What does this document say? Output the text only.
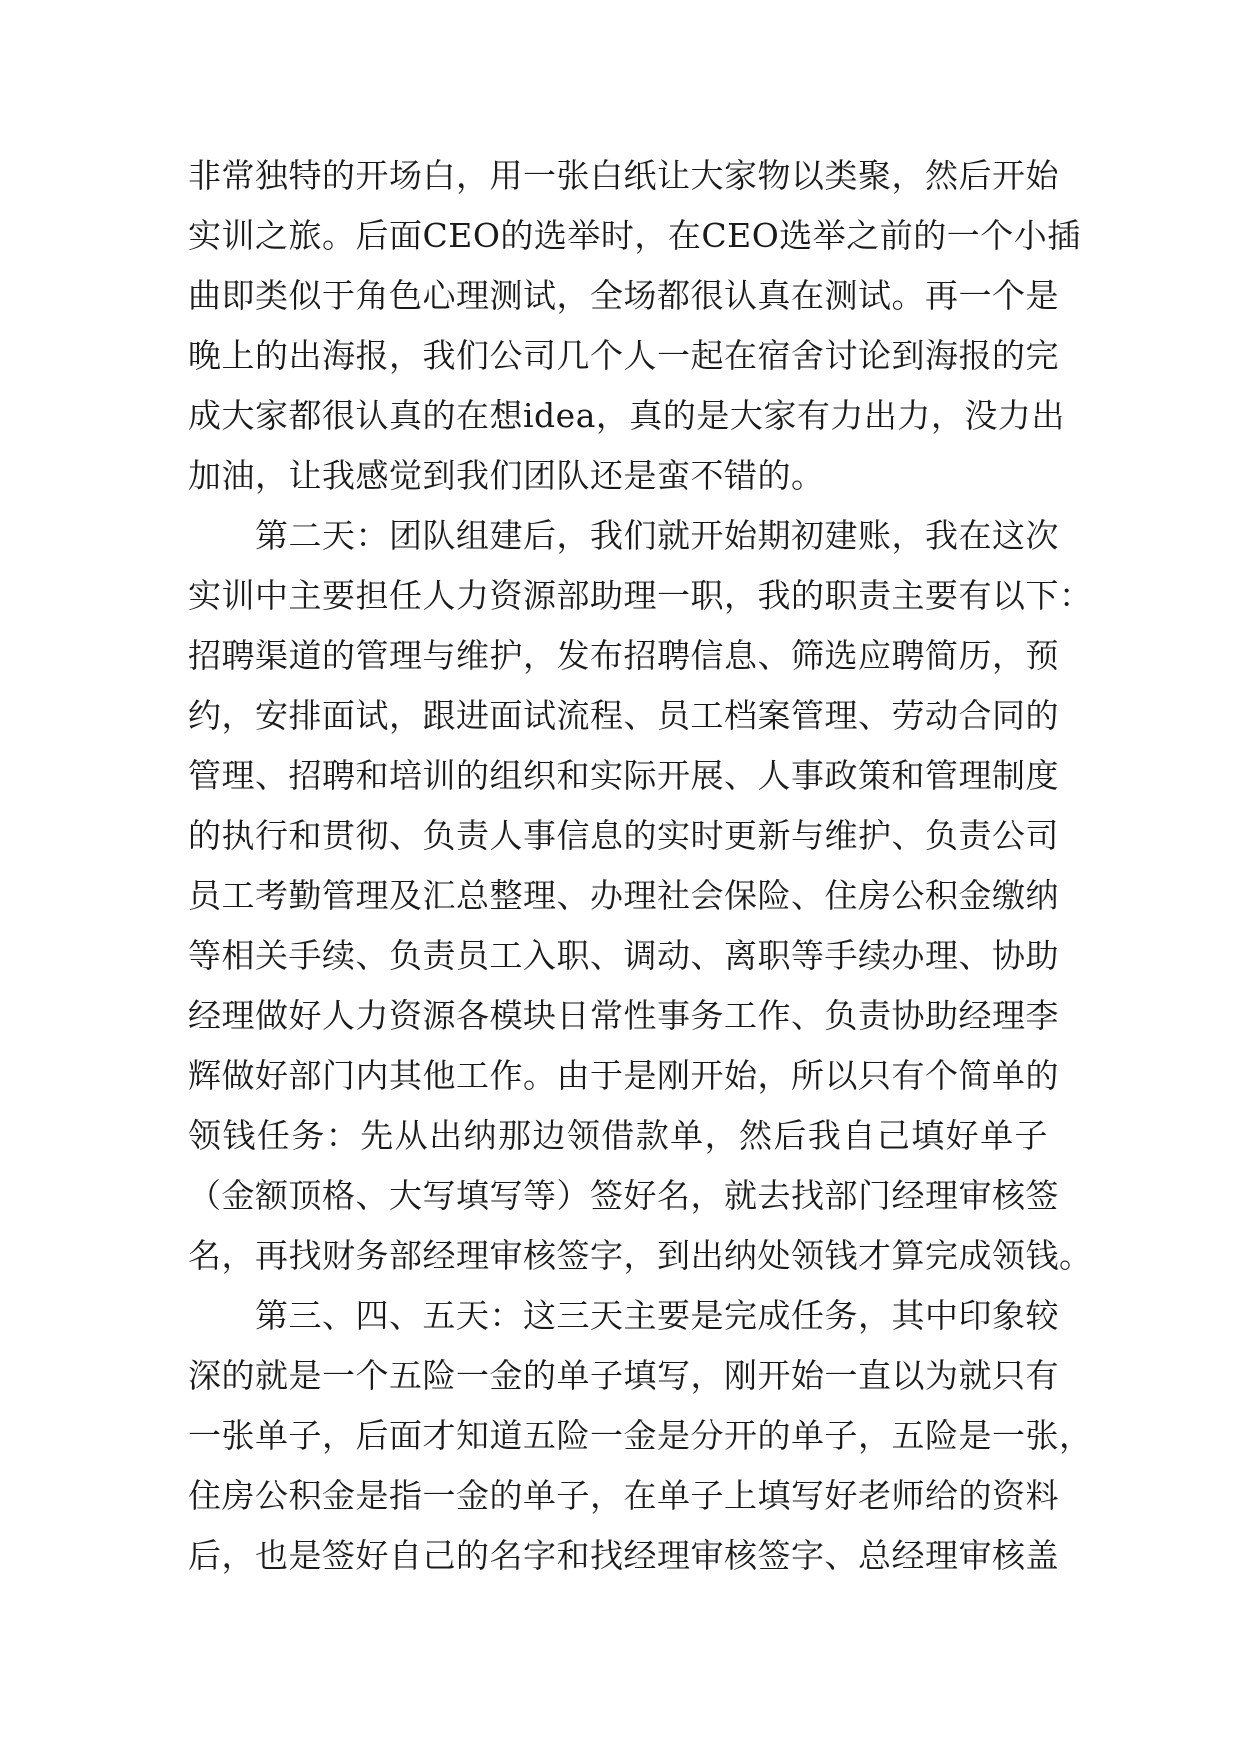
非常独特的开场白，用一张白纸让大家物以类聚，然后开始
实训之旅。后面CEO的选举时，在CEO选举之前的一个小插
曲即类似于角色心理测试，全场都很认真在测试。再一个是
晚上的出海报，我们公司几个人一起在宿舍讨论到海报的完
成大家都很认真的在想idea，真的是大家有力出力，没力出
加油，让我感觉到我们团队还是蛮不错的。
　　第二天：团队组建后，我们就开始期初建账，我在这次
实训中主要担任人力资源部助理一职，我的职责主要有以下：
招聘渠道的管理与维护，发布招聘信息、筛选应聘简历，预
约，安排面试，跟进面试流程、员工档案管理、劳动合同的
管理、招聘和培训的组织和实际开展、人事政策和管理制度
的执行和贯彻、负责人事信息的实时更新与维护、负责公司
员工考勤管理及汇总整理、办理社会保险、住房公积金缴纳
等相关手续、负责员工入职、调动、离职等手续办理、协助
经理做好人力资源各模块日常性事务工作、负责协助经理李
辉做好部门内其他工作。由于是刚开始，所以只有个简单的
领钱任务：先从出纳那边领借款单，然后我自己填好单子
（金额顶格、大写填写等）签好名，就去找部门经理审核签
名，再找财务部经理审核签字，到出纳处领钱才算完成领钱。
　　第三、四、五天：这三天主要是完成任务，其中印象较
深的就是一个五险一金的单子填写，刚开始一直以为就只有
一张单子，后面才知道五险一金是分开的单子，五险是一张，
住房公积金是指一金的单子，在单子上填写好老师给的资料
后，也是签好自己的名字和找经理审核签字、总经理审核盖
